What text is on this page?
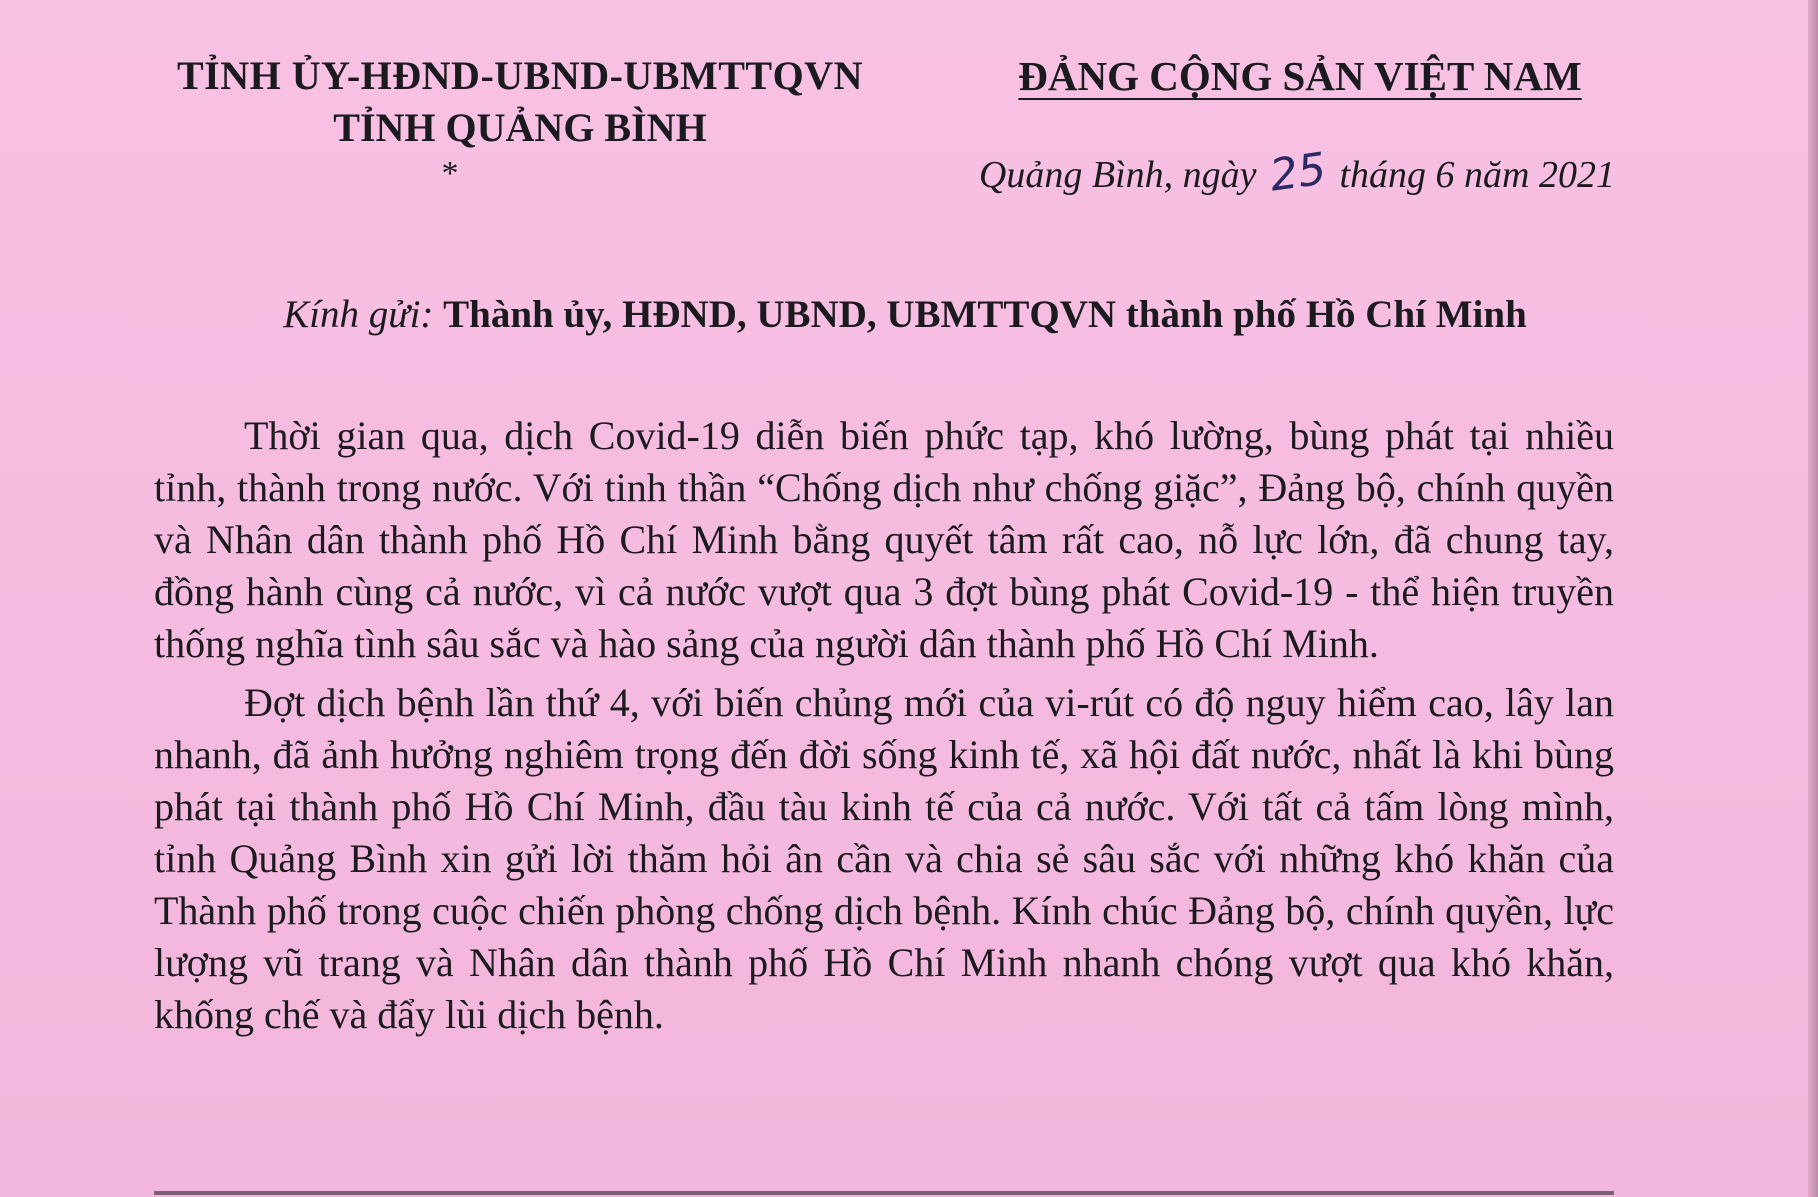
TỈNH ỦY-HĐND-UBND-UBMTTQVN
TỈNH QUẢNG BÌNH
*
ĐẢNG CỘNG SẢN VIỆT NAM
Quảng Bình, ngày 25 tháng 6 năm 2021
Kính gửi: Thành ủy, HĐND, UBND, UBMTTQVN thành phố Hồ Chí Minh

Thời gian qua, dịch Covid-19 diễn biến phức tạp, khó lường, bùng phát tại nhiều tỉnh, thành trong nước. Với tinh thần “Chống dịch như chống giặc”, Đảng bộ, chính quyền và Nhân dân thành phố Hồ Chí Minh bằng quyết tâm rất cao, nỗ lực lớn, đã chung tay, đồng hành cùng cả nước, vì cả nước vượt qua 3 đợt bùng phát Covid-19 - thể hiện truyền thống nghĩa tình sâu sắc và hào sảng của người dân thành phố Hồ Chí Minh.

Đợt dịch bệnh lần thứ 4, với biến chủng mới của vi-rút có độ nguy hiểm cao, lây lan nhanh, đã ảnh hưởng nghiêm trọng đến đời sống kinh tế, xã hội đất nước, nhất là khi bùng phát tại thành phố Hồ Chí Minh, đầu tàu kinh tế của cả nước. Với tất cả tấm lòng mình, tỉnh Quảng Bình xin gửi lời thăm hỏi ân cần và chia sẻ sâu sắc với những khó khăn của Thành phố trong cuộc chiến phòng chống dịch bệnh. Kính chúc Đảng bộ, chính quyền, lực lượng vũ trang và Nhân dân thành phố Hồ Chí Minh nhanh chóng vượt qua khó khăn, khống chế và đẩy lùi dịch bệnh.
